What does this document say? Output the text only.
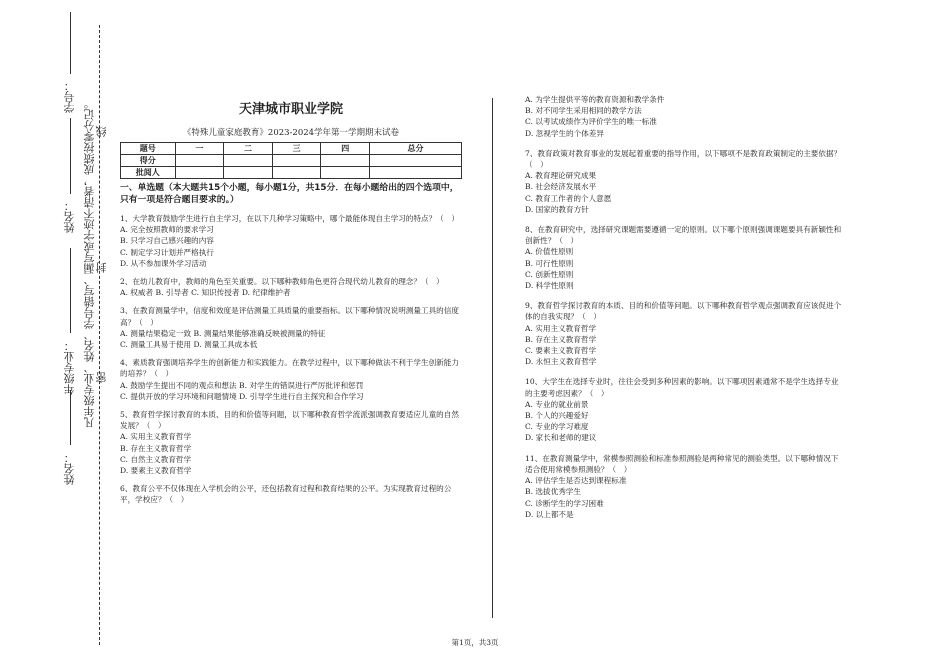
姓名：
年级专业：
姓名：
学号：
凡年级专业、姓名、学号错写、漏写或字迹不清者，成绩按零分记。 密
封
线
天津城市职业学院
《特殊儿童家庭教育》2023-2024学年第一学期期末试卷
题号	一	二	三	四	总分
得分					
批阅人					
一、单选题（本大题共15个小题，每小题1分，共15分．在每小题给出的四个选项中，只有一项是符合题目要求的。）
1、大学教育鼓励学生进行自主学习，在以下几种学习策略中，哪个最能体现自主学习的特点？（　）
A. 完全按照教师的要求学习
B. 只学习自己感兴趣的内容
C. 制定学习计划并严格执行
D. 从不参加课外学习活动
2、在幼儿教育中，教师的角色至关重要。以下哪种教师角色更符合现代幼儿教育的理念？（　）
A. 权威者 B. 引导者 C. 知识传授者 D. 纪律维护者
3、在教育测量学中，信度和效度是评估测量工具质量的重要指标。以下哪种情况说明测量工具的信度高？（　）
A. 测量结果稳定一致 B. 测量结果能够准确反映被测量的特征
C. 测量工具易于使用 D. 测量工具成本低
4、素质教育强调培养学生的创新能力和实践能力。在教学过程中，以下哪种做法不利于学生创新能力的培养？（　）
A. 鼓励学生提出不同的观点和想法 B. 对学生的错误进行严厉批评和惩罚
C. 提供开放的学习环境和问题情境 D. 引导学生进行自主探究和合作学习
5、教育哲学探讨教育的本质、目的和价值等问题，以下哪种教育哲学流派强调教育要适应儿童的自然发展？（　）
A. 实用主义教育哲学
B. 存在主义教育哲学
C. 自然主义教育哲学
D. 要素主义教育哲学
6、教育公平不仅体现在入学机会的公平，还包括教育过程和教育结果的公平。为实现教育过程的公平，学校应？（　）
A. 为学生提供平等的教育资源和教学条件
B. 对不同学生采用相同的教学方法
C. 以考试成绩作为评价学生的唯一标准
D. 忽视学生的个体差异
7、教育政策对教育事业的发展起着重要的指导作用，以下哪项不是教育政策制定的主要依据？（　）
A. 教育理论研究成果
B. 社会经济发展水平
C. 教育工作者的个人意愿
D. 国家的教育方针
8、在教育研究中，选择研究课题需要遵循一定的原则。以下哪个原则强调课题要具有新颖性和创新性？（　）
A. 价值性原则
B. 可行性原则
C. 创新性原则
D. 科学性原则
9、教育哲学探讨教育的本质、目的和价值等问题。以下哪种教育哲学观点强调教育应该促进个体的自我实现？（　）
A. 实用主义教育哲学
B. 存在主义教育哲学
C. 要素主义教育哲学
D. 永恒主义教育哲学
10、大学生在选择专业时，往往会受到多种因素的影响。以下哪项因素通常不是学生选择专业的主要考虑因素？（　）
A. 专业的就业前景
B. 个人的兴趣爱好
C. 专业的学习难度
D. 家长和老师的建议
11、在教育测量学中，常模参照测验和标准参照测验是两种常见的测验类型。以下哪种情况下适合使用常模参照测验？（　）
A. 评估学生是否达到课程标准
B. 选拔优秀学生
C. 诊断学生的学习困难
D. 以上都不是
第1页，共3页
